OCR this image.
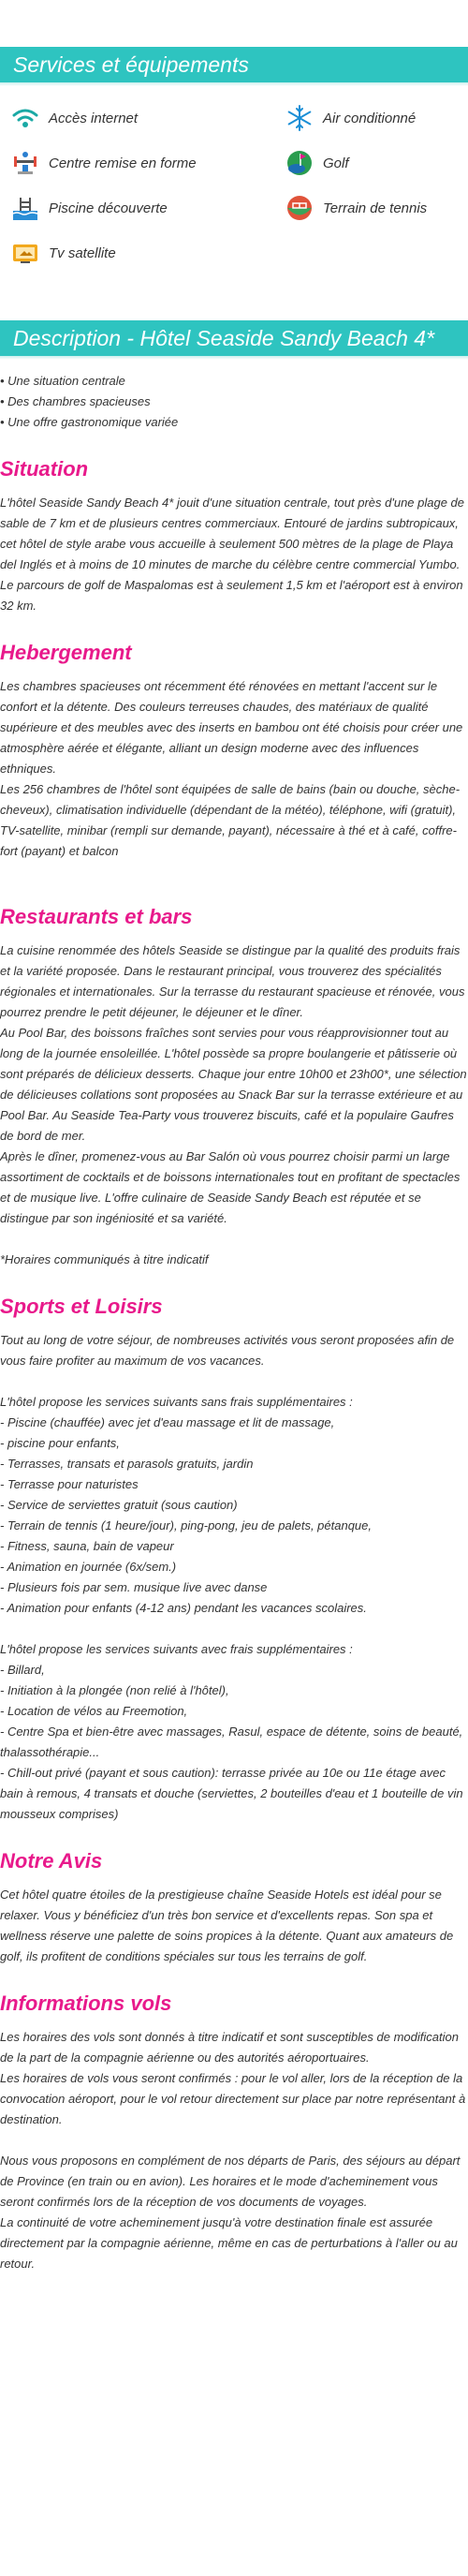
Services et équipements
Accès internet	Air conditionné
Centre remise en forme	Golf
Piscine découverte	Terrain de tennis
Tv satellite
Description - Hôtel Seaside Sandy Beach 4*
• Une situation centrale
• Des chambres spacieuses
• Une offre gastronomique variée
Situation

L'hôtel Seaside Sandy Beach 4* jouit d'une situation centrale, tout près d'une plage de sable de 7 km et de plusieurs centres commerciaux. Entouré de jardins subtropicaux, cet hôtel de style arabe vous accueille à seulement 500 mètres de la plage de Playa del Inglés et à moins de 10 minutes de marche du célèbre centre commercial Yumbo. Le parcours de golf de Maspalomas est à seulement 1,5 km et l'aéroport est à environ 32 km.

Hebergement

Les chambres spacieuses ont récemment été rénovées en mettant l'accent sur le confort et la détente. Des couleurs terreuses chaudes, des matériaux de qualité supérieure et des meubles avec des inserts en bambou ont été choisis pour créer une atmosphère aérée et élégante, alliant un design moderne avec des influences ethniques.
Les 256 chambres de l'hôtel sont équipées de salle de bains (bain ou douche, sèche-cheveux), climatisation individuelle (dépendant de la météo), téléphone, wifi (gratuit), TV-satellite, minibar (rempli sur demande, payant), nécessaire à thé et à café, coffre-fort (payant) et balcon

Restaurants et bars

La cuisine renommée des hôtels Seaside se distingue par la qualité des produits frais et la variété proposée. Dans le restaurant principal, vous trouverez des spécialités régionales et internationales. Sur la terrasse du restaurant spacieuse et rénovée, vous pourrez prendre le petit déjeuner, le déjeuner et le dîner.
Au Pool Bar, des boissons fraîches sont servies pour vous réapprovisionner tout au long de la journée ensoleillée. L'hôtel possède sa propre boulangerie et pâtisserie où sont préparés de délicieux desserts. Chaque jour entre 10h00 et 23h00*, une sélection de délicieuses collations sont proposées au Snack Bar sur la terrasse extérieure et au Pool Bar. Au Seaside Tea-Party vous trouverez biscuits, café et la populaire Gaufres de bord de mer.
Après le dîner, promenez-vous au Bar Salón où vous pourrez choisir parmi un large assortiment de cocktails et de boissons internationales tout en profitant de spectacles et de musique live. L'offre culinaire de Seaside Sandy Beach est réputée et se distingue par son ingéniosité et sa variété.

*Horaires communiqués à titre indicatif

Sports et Loisirs

Tout au long de votre séjour, de nombreuses activités vous seront proposées afin de vous faire profiter au maximum de vos vacances.

L'hôtel propose les services suivants sans frais supplémentaires :
- Piscine (chauffée) avec jet d'eau massage et lit de massage,
- piscine pour enfants,
- Terrasses, transats et parasols gratuits, jardin
- Terrasse pour naturistes
- Service de serviettes gratuit (sous caution)
- Terrain de tennis (1 heure/jour), ping-pong, jeu de palets, pétanque,
- Fitness, sauna, bain de vapeur
- Animation en journée (6x/sem.)
- Plusieurs fois par sem. musique live avec danse
- Animation pour enfants (4-12 ans) pendant les vacances scolaires.

L'hôtel propose les services suivants avec frais supplémentaires :
- Billard,
- Initiation à la plongée (non relié à l'hôtel),
- Location de vélos au Freemotion,
- Centre Spa et bien-être avec massages, Rasul, espace de détente, soins de beauté, thalassothérapie...
- Chill-out privé (payant et sous caution): terrasse privée au 10e ou 11e étage avec bain à remous, 4 transats et douche (serviettes, 2 bouteilles d'eau et 1 bouteille de vin mousseux comprises)

Notre Avis

Cet hôtel quatre étoiles de la prestigieuse chaîne Seaside Hotels est idéal pour se relaxer. Vous y bénéficiez d'un très bon service et d'excellents repas. Son spa et wellness réserve une palette de soins propices à la détente. Quant aux amateurs de golf, ils profitent de conditions spéciales sur tous les terrains de golf.

Informations vols

Les horaires des vols sont donnés à titre indicatif et sont susceptibles de modification de la part de la compagnie aérienne ou des autorités aéroportuaires.
Les horaires de vols vous seront confirmés : pour le vol aller, lors de la réception de la convocation aéroport, pour le vol retour directement sur place par notre représentant à destination.

Nous vous proposons en complément de nos départs de Paris, des séjours au départ de Province (en train ou en avion). Les horaires et le mode d'acheminement vous seront confirmés lors de la réception de vos documents de voyages.
La continuité de votre acheminement jusqu'à votre destination finale est assurée directement par la compagnie aérienne, même en cas de perturbations à l'aller ou au retour.
